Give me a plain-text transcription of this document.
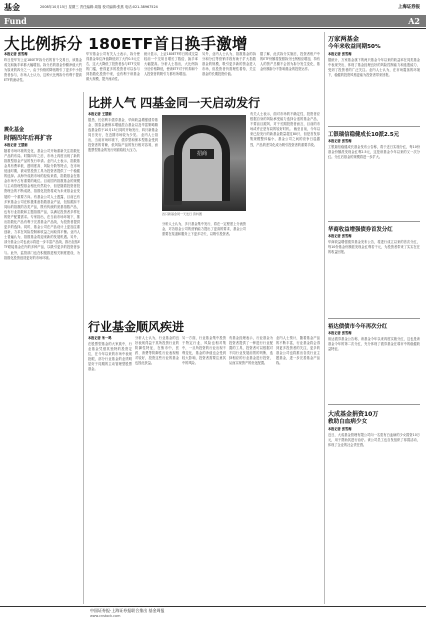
基金	2008年10月15日 星期三 责任编辑:周翔 校对编辑:张燕 电话:021-38967524	上海证券报
Fund	A2
大比例拆分 180ETF首日换手激增
本报记者 张雪梅
昨日是华安上证180ETF拆分后的首个交易日，该基金成交和换手率都大幅增加。拆分后的基金份额净值大约为原来的四分之一，由于价格的降低吸引了更多中小投资者参与，市场人士认为，这种大比例拆分有利于提高ETF的流动性。
华安基金公司有关人士表示，拆分使得基金单位净值降低到了大约0.5元左右，这大大降低了投资者参与ETF交易的门槛，使得更多的投资者可以参与到指数化投资中来，也有利于该基金做大规模，提升流动性。
统计显示，上证180ETF昨日的成交量较前一个交易日增长了数倍，换手率大幅提高。分析人士指出，大比例拆分后价格降低，使该ETF对于机构和个人投资者的吸引力都有所增加。
另外，业内人士认为，指数基金的拆分和分红等营销手段有助于扩大指数基金的规模，吸引更多新的资金进入市场，但投资者仍需理性看待，关注基金的长期投资价值。
据了解，此次拆分实施后，投资者账户中的ETF份额将按照拆分比例相应增加，持有人的资产总额不会因为拆分发生变化，基金份额拆分不影响基金的投资运作。
震化基金
时隔四年后再扩容
本报记者 王慧娟
随着市场环境的变化，基金公司开始重新关注指数化产品的布局。时隔四年之后，市场上再度出现了新的指数型基金产品的发行申请。业内人士表示，指数基金具有费率低、透明度高、风险分散等特点，在市场低迷时期，被动型投资工具为投资者提供了一个稳健的选择。从海外成熟市场的经验来看，指数基金在基金市场中占有重要的地位。目前国内指数基金的规模与主动管理型基金相比仍然较小，但是随着投资者投资理念的不断成熟，指数化投资将成为未来基金业发展的一个重要方向。有基金公司人士透露，目前已有多家基金公司在积极准备指数基金产品，包括跟踪不同标的指数的各类产品，既有传统的宽基指数产品，也有行业指数和主题指数产品，以满足投资者多样化的资产配置需求。专家指出，在当前市场环境下，推出指数化产品有利于完善基金产品线，为投资者提供更多的选择。同时，基金公司在产品设计上更加注重创新，力求在风险控制和收益之间取得平衡。业内人士普遍认为，指数基金将迎来新的发展机遇。另外，部分基金公司也表示将进一步丰富产品线，推出包括ETF联接基金在内的多种产品，以吸引更多的投资者参与。此外，监管部门也在积极推进相关制度建设，为指数化投资创造更好的市场环境。
比拼人气 四基金同一天启动发行
本报记者 王慧娟
据悉，长信利丰债券基金、华商收益增强债券基金、国泰金鹿保本增值混合基金以及华富策略精选基金将于10月15日同时开始发行，四只新基金同日发行，在近期市场较为少见。 业内人士指出，当前市场环境下，债券型和保本型基金受到投资者的青睐，低风险产品的发行相对容易，而股票型基金的发行则面临较大压力。
招商
四只新基金同一天发行 资料图
分析人士认为，多只基金集中发行，将在一定程度上分流资金，对各基金公司的营销能力提出了更高的要求，基金公司需要在渠道和服务上下更多功夫，以吸引投资者。
有关人士表示，面对市场的不确定性，投资者应根据自身的风险承受能力选择合适的基金产品，不要盲目跟风，对于长期投资者而言，目前的市场或许正是布局的较好时机。 截至目前，今年以来已经发行的新基金数量超过80只，但是首发募集规模整体偏小，基金公司之间的竞争日趋激烈，产品的差异化成为吸引投资者的重要手段。
行业基金顺风疾进
本报记者 朱一鸣
在股票型基金的大家族中，行业基金凭借其独特的投资定位，在今年以来的市场中表现抢眼，部分行业基金的业绩明显好于同期的主动管理型股票基金。
分析人士认为，行业基金的良好表现得益于其所投资行业的防御性特征，在熊市中，医药、消费等防御性行业表现相对较好，投资这些行业的基金也因此获益。
另一方面，行业基金集中投资于特定行业，风险也相对集中，一旦所投资的行业出现不利变化，基金的净值也会受到较大影响，投资者需要注意其中的风险。
有基金经理表示，行业基金为投资者提供了一种进行行业配置的工具，投资者可以根据对不同行业发展前景的判断，选择相应的行业基金进行投资，从而实现资产的优化配置。
业内人士预计，随着基金产品的不断丰富，行业基金将会得到更多投资者的关注，更多的基金公司也将推出各类行业主题基金，进一步完善基金产品线。
万家两基金
今年来收益同期50%
本报记者 张雪梅
据统计，万家基金旗下的两只基金今年以来的收益率在同类基金中表现突出，体现了基金经理良好的风险控制能力和选股能力，受到了投资者的广泛关注。业内人士认为，在市场震荡的环境下，稳健的投资风格更能为投资者带来回报。
工银瑞信稳健成长10派2.5元
本报记者 张雪梅
工银瑞信稳健成长基金发布公告称，将于近日实施分红，每10份基金份额派发现金红利2.5元，这是该基金今年以来的又一次分红。分红后基金的规模将进一步扩大。
华商收益增强债券首发分红
本报记者 张雪梅
华商收益增强债券基金发布公告，将进行成立以来的首次分红，每10份基金份额派发现金红利若干元，为投资者带来了实实在在的收益回报。
裕达债债市今年再次分红
本报记者 张雪梅
裕达债券基金公告称，该基金今年以来再度实施分红，这也是该基金今年的第二次分红，充分体现了债券基金在弱市中的稳健收益特征。
大成基金捐资10万
救助白血病少女
本报记者 张雪梅
近日，大成基金管理有限公司向一名患有白血病的少女捐资10万元，用于帮助其进行治疗。该公司员工也自发组织了募捐活动，体现了企业的社会责任感。
中国证券报·上海证券报联合推出 基金周报
www.cnstock.com
